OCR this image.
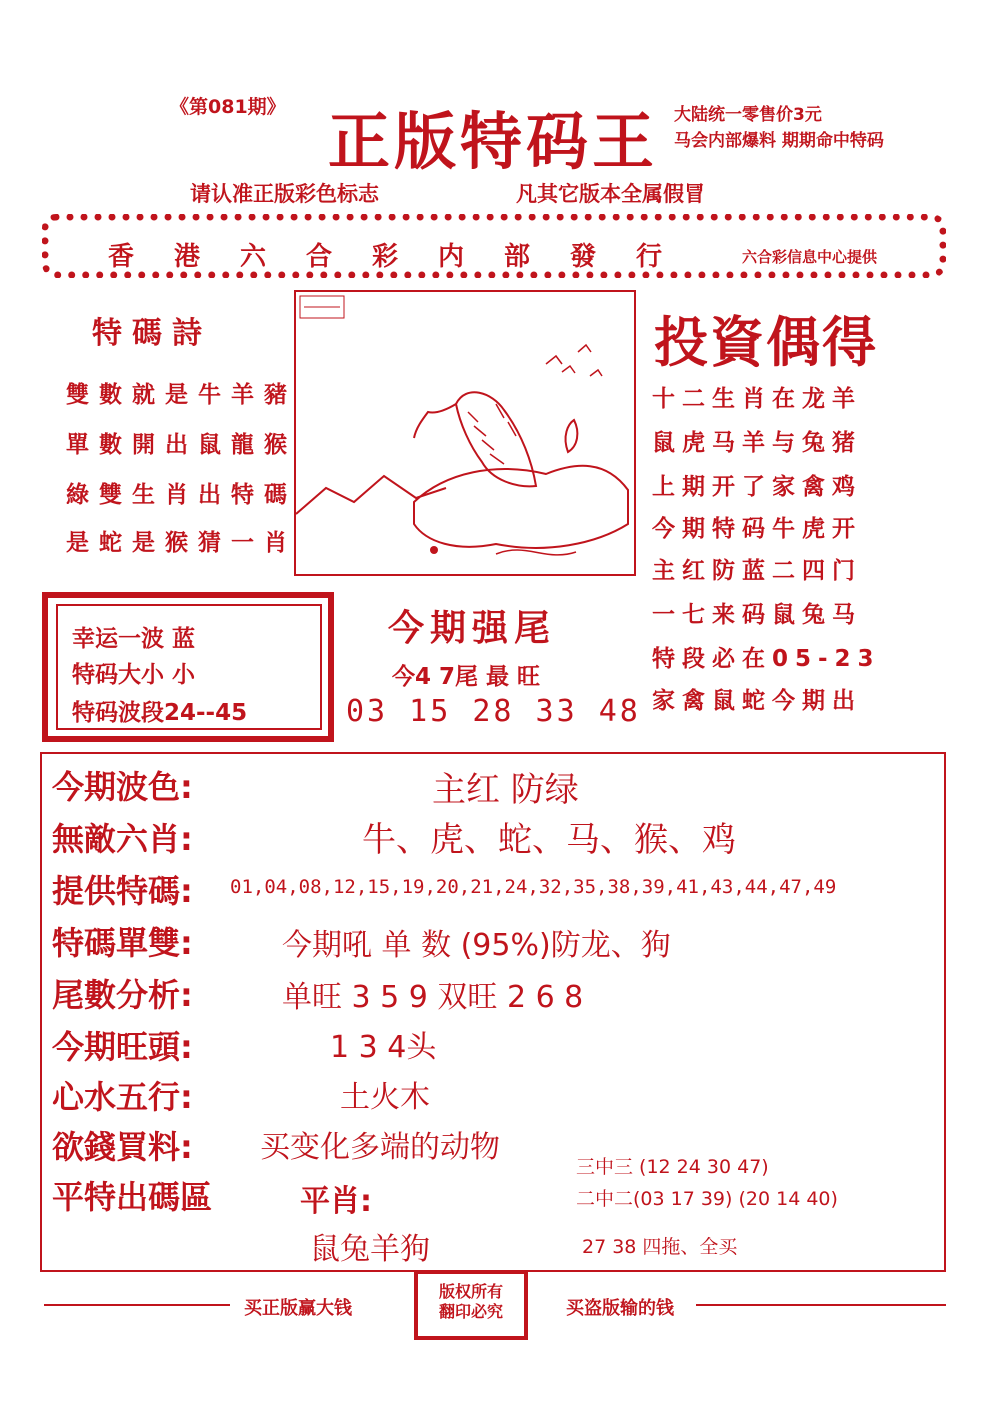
《第081期》 正版特码王 大陆统一零售价3元
马会内部爆料 期期命中特码
请认准正版彩色标志	凡其它版本全属假冒
香港六合彩内部發行	六合彩信息中心提供
特碼詩
雙數就是牛羊豬
單數開出鼠龍猴
綠雙生肖出特碼
是蛇是猴猜一肖
投資偶得
十二生肖在龙羊
鼠虎马羊与兔猪
上期开了家禽鸡
今期特码牛虎开
主红防蓝二四门
一七来码鼠兔马
特段必在05-23
家禽鼠蛇今期出
幸运一波 蓝
特码大小 小
特码波段24--45
今期强尾
今4 7尾 最 旺
03 15 28 33 48
今期波色:	主红 防绿
無敵六肖:	牛、虎、蛇、马、猴、鸡
提供特碼: 01,04,08,12,15,19,20,21,24,32,35,38,39,41,43,44,47,49
特碼單雙:	今期吼 单 数 (95%)防龙、狗
尾數分析:	单旺 3 5 9 双旺 2 6 8
今期旺頭:	1 3 4头
心水五行:	土火木
欲錢買料: 买变化多端的动物
平特出碼區	平肖:
鼠兔羊狗
三中三 (12 24 30 47)
二中二(03 17 39) (20 14 40)
27 38 四拖、全买
买正版赢大钱
版权所有
翻印必究	买盗版输的钱
